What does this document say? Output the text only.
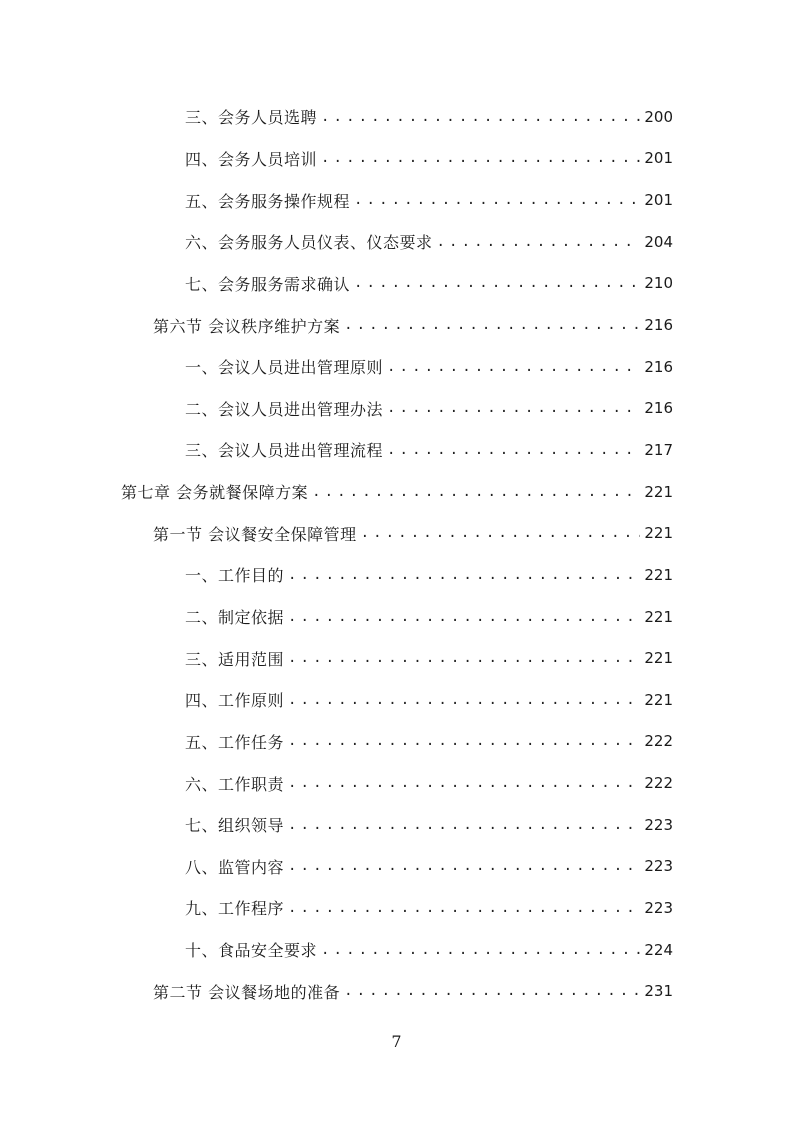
三、会务人员选聘 .....	200
四、会务人员培训 .....	201
五、会务服务操作规程 .....	201
六、会务服务人员仪表、仪态要求 .....	204
七、会务服务需求确认 .....	210
第六节 会议秩序维护方案 .....	216
一、会议人员进出管理原则 .....	216
二、会议人员进出管理办法 .....	216
三、会议人员进出管理流程 .....	217
第七章 会务就餐保障方案 .....	221
第一节 会议餐安全保障管理 .....	221
一、工作目的 .....	221
二、制定依据 .....	221
三、适用范围 .....	221
四、工作原则 .....	221
五、工作任务 .....	222
六、工作职责 .....	222
七、组织领导 .....	223
八、监管内容 .....	223
九、工作程序 .....	223
十、食品安全要求 .....	224
第二节 会议餐场地的准备 .....	231
7
